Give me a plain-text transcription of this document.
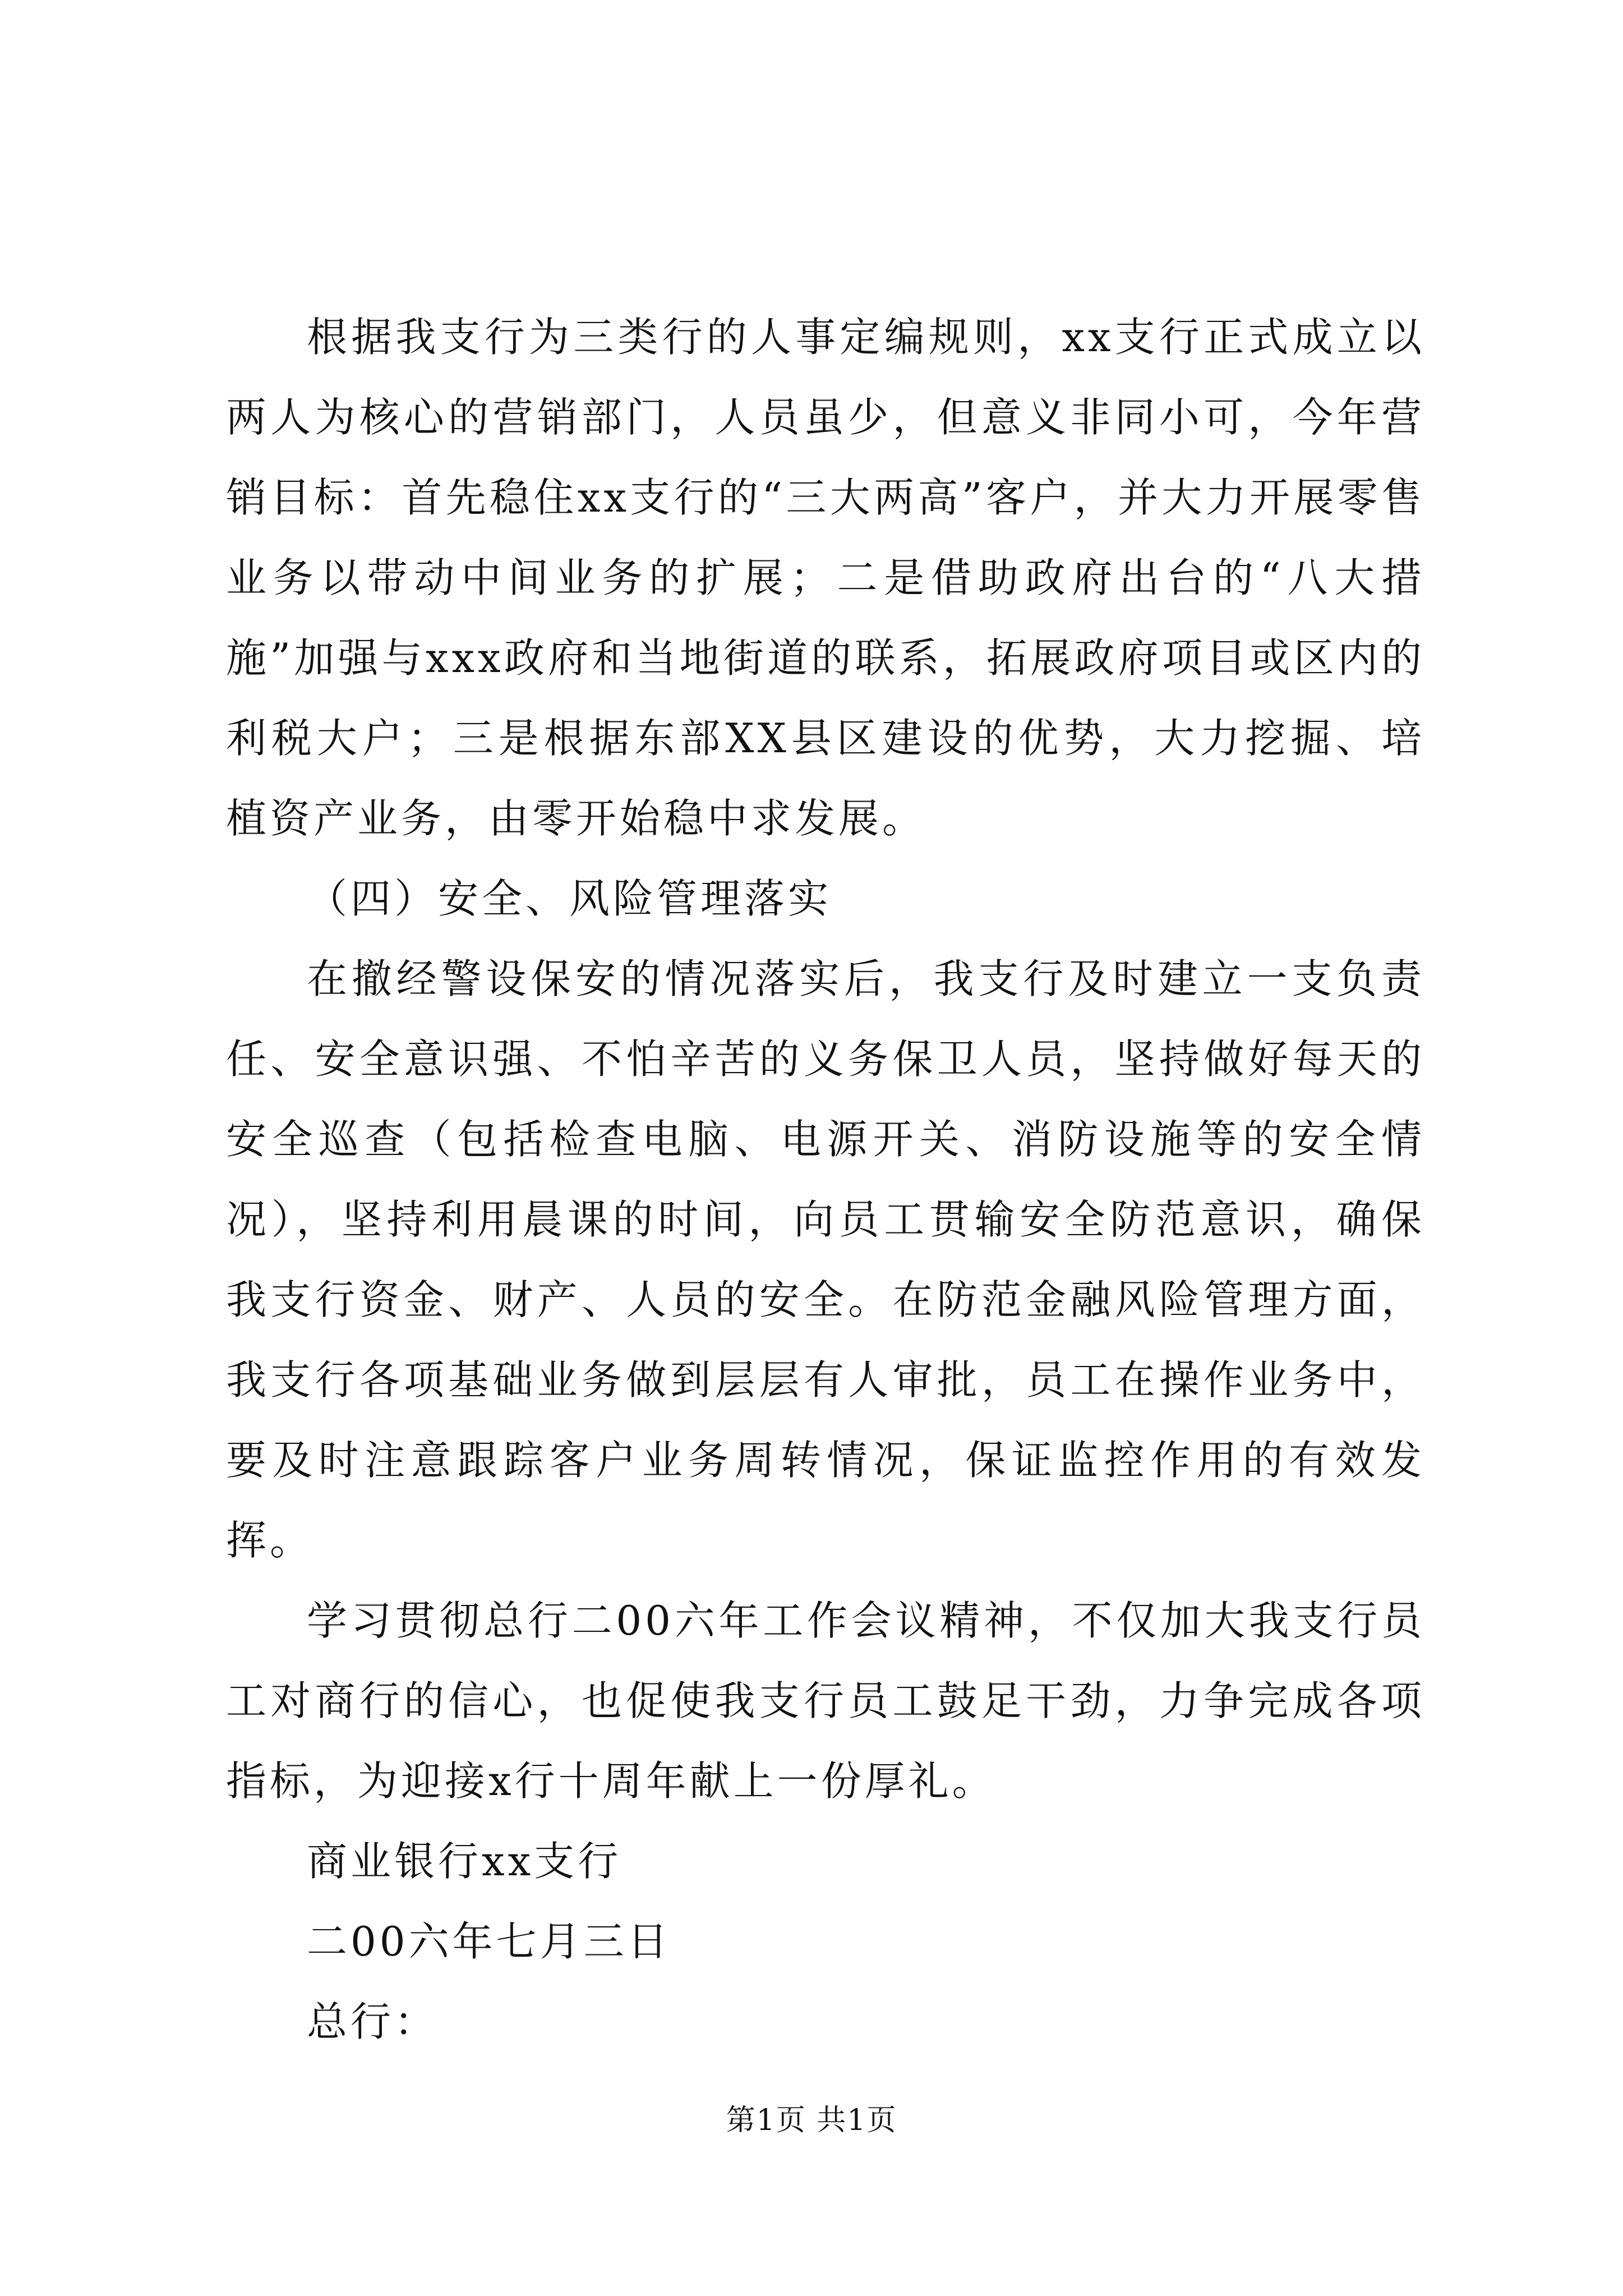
根据我支行为三类行的人事定编规则，xx支行正式成立以两人为核心的营销部门，人员虽少，但意义非同小可，今年营销目标：首先稳住xx支行的“三大两高”客户，并大力开展零售业务以带动中间业务的扩展；二是借助政府出台的“八大措施”加强与xxx政府和当地街道的联系，拓展政府项目或区内的利税大户；三是根据东部XX县区建设的优势，大力挖掘、培植资产业务，由零开始稳中求发展。

（四）安全、风险管理落实

在撤经警设保安的情况落实后，我支行及时建立一支负责任、安全意识强、不怕辛苦的义务保卫人员，坚持做好每天的安全巡查（包括检查电脑、电源开关、消防设施等的安全情况），坚持利用晨课的时间，向员工贯输安全防范意识，确保我支行资金、财产、人员的安全。在防范金融风险管理方面，我支行各项基础业务做到层层有人审批，员工在操作业务中，要及时注意跟踪客户业务周转情况，保证监控作用的有效发挥。

学习贯彻总行二00六年工作会议精神，不仅加大我支行员工对商行的信心，也促使我支行员工鼓足干劲，力争完成各项指标，为迎接x行十周年献上一份厚礼。

商业银行xx支行

二00六年七月三日

总行：

第1页 共1页
